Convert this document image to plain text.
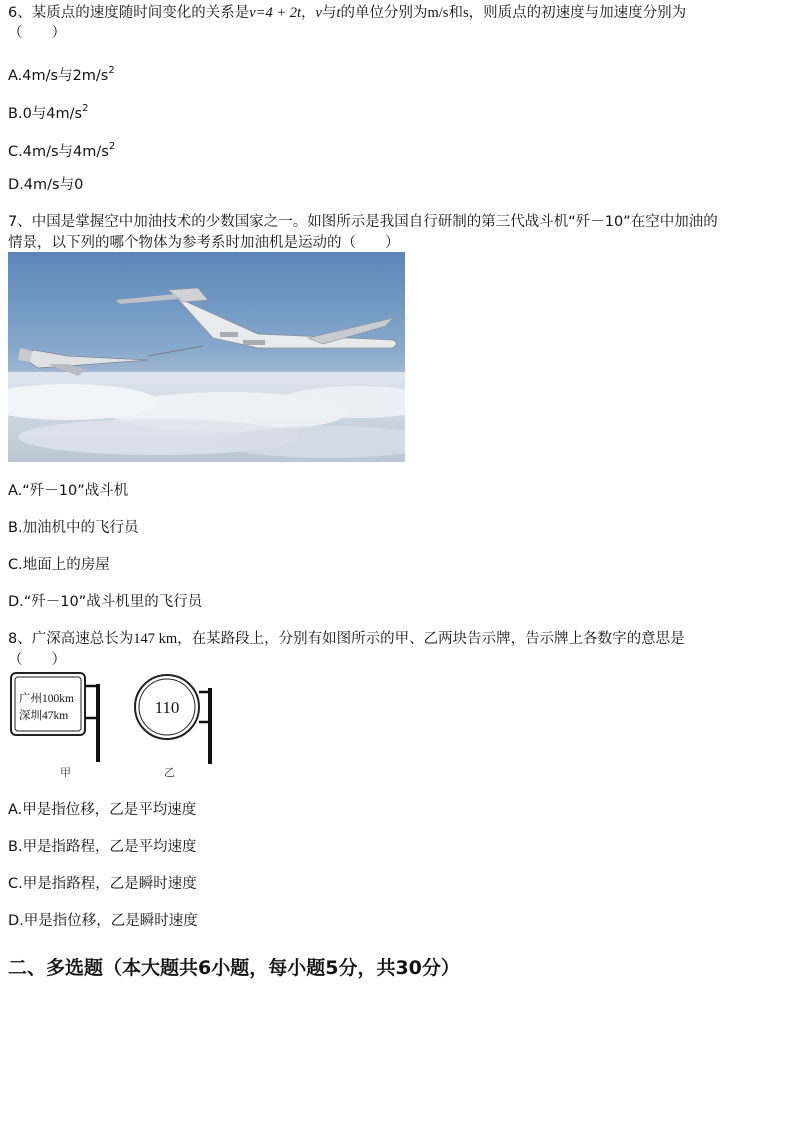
6、某质点的速度随时间变化的关系是v=4 + 2t，v与t的单位分别为m/s和s，则质点的初速度与加速度分别为
（　　）
A.4m/s与$2m/s^2$
B.0与$4m/s^2$
C.4m/s与$4m/s^2$
D.4m/s与0
7、中国是掌握空中加油技术的少数国家之一。如图所示是我国自行研制的第三代战斗机“歼－10”在空中加油的
情景，以下列的哪个物体为参考系时加油机是运动的（　　）
A.“歼－10”战斗机
B.加油机中的飞行员
C.地面上的房屋
D.“歼－10”战斗机里的飞行员
8、广深高速总长为147 km，在某路段上，分别有如图所示的甲、乙两块告示牌，告示牌上各数字的意思是
（　　）
广州100km
深圳47km
甲
110
乙
A.甲是指位移，乙是平均速度
B.甲是指路程，乙是平均速度
C.甲是指路程，乙是瞬时速度
D.甲是指位移，乙是瞬时速度
二、多选题（本大题共6小题，每小题5分，共30分）
